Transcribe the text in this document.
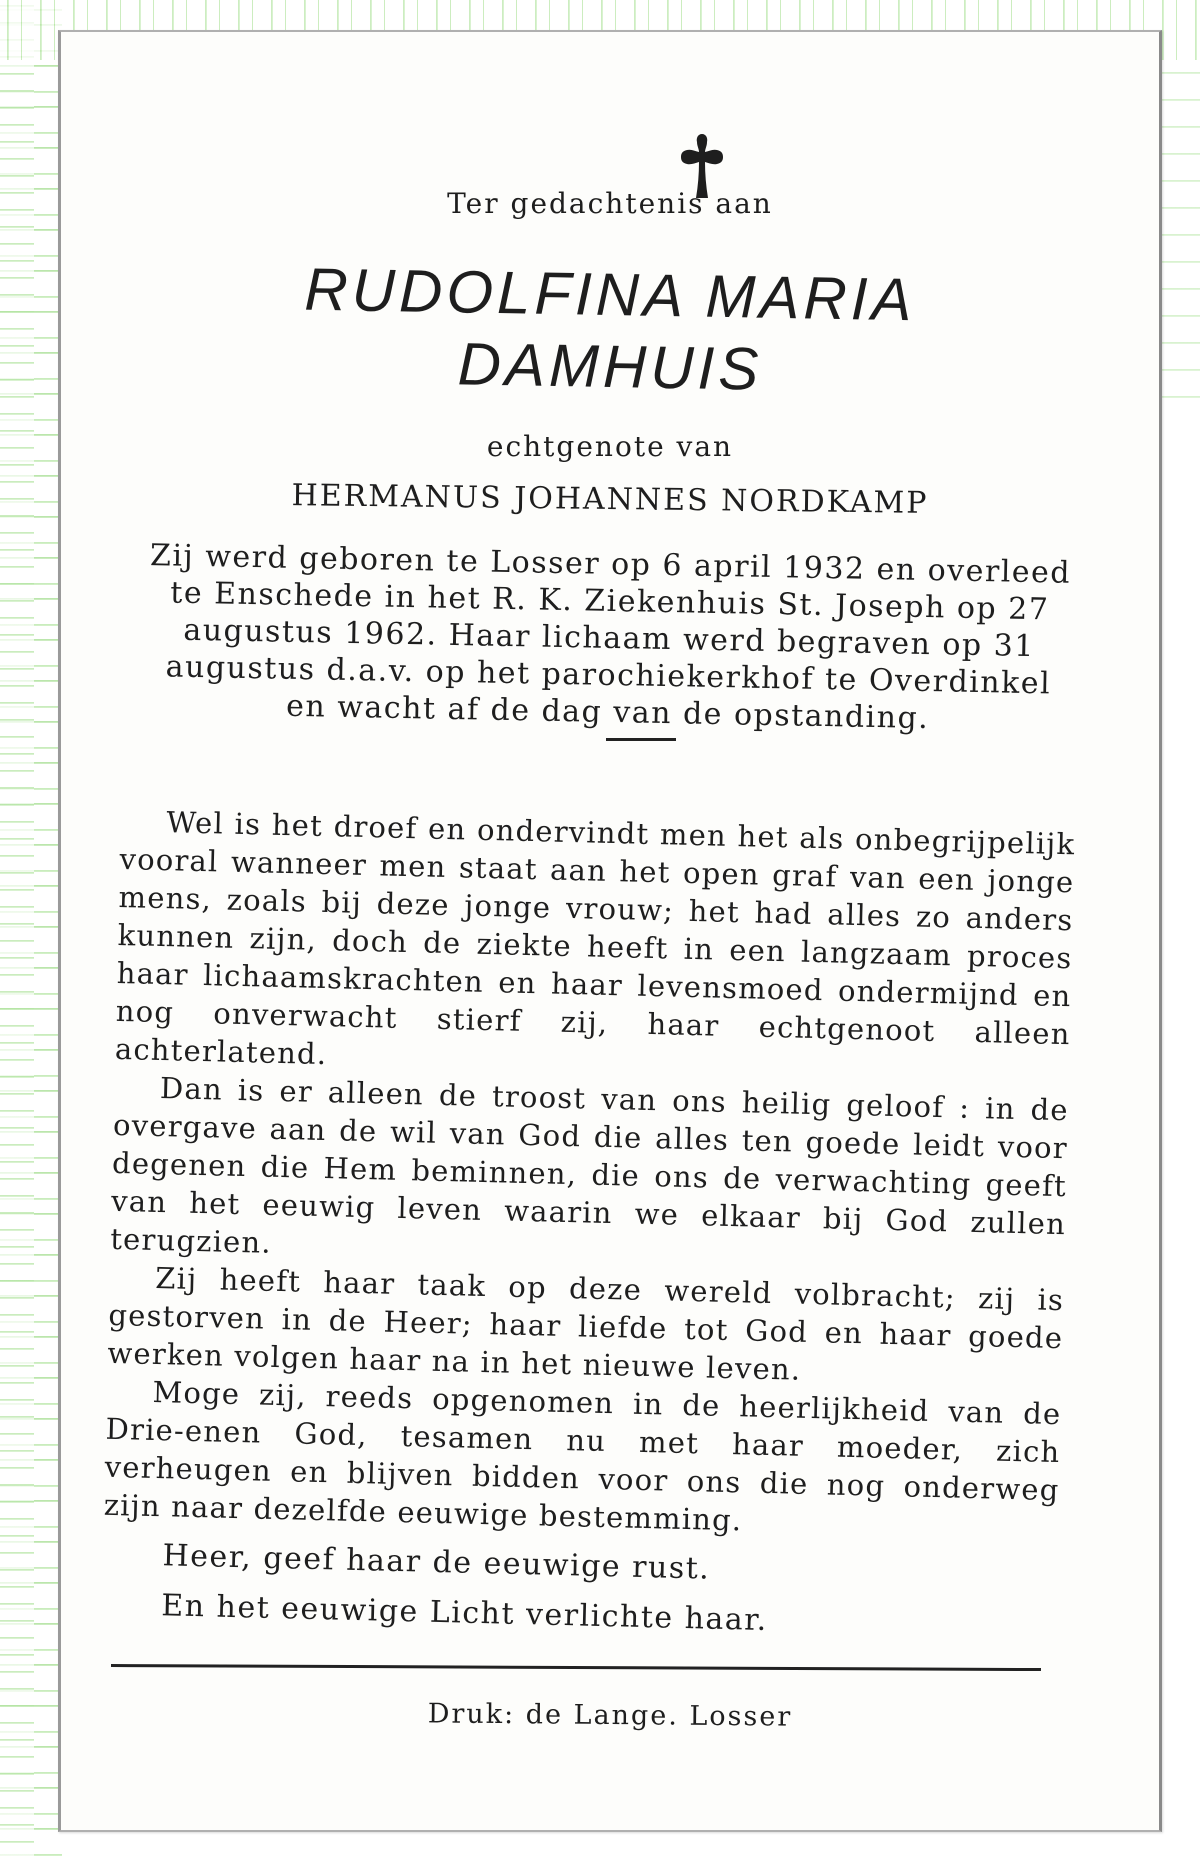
Ter gedachtenis aan

RUDOLFINA MARIA

DAMHUIS

echtgenote van

HERMANUS JOHANNES NORDKAMP

Zij werd geboren te Losser op 6 april 1932 en overleed te Enschede in het R. K. Ziekenhuis St. Joseph op 27 augustus 1962. Haar lichaam werd begraven op 31 augustus d.a.v. op het parochiekerkhof te Overdinkel en wacht af de dag van de opstanding.

Wel is het droef en ondervindt men het als onbegrijpelijk vooral wanneer men staat aan het open graf van een jonge mens, zoals bij deze jonge vrouw; het had alles zo anders kunnen zijn, doch de ziekte heeft in een langzaam proces haar lichaamskrachten en haar levensmoed ondermijnd en nog onverwacht stierf zij, haar echtgenoot alleen achterlatend.

Dan is er alleen de troost van ons heilig geloof : in de overgave aan de wil van God die alles ten goede leidt voor degenen die Hem beminnen, die ons de verwachting geeft van het eeuwig leven waarin we elkaar bij God zullen terugzien.

Zij heeft haar taak op deze wereld volbracht; zij is gestorven in de Heer; haar liefde tot God en haar goede werken volgen haar na in het nieuwe leven.

Moge zij, reeds opgenomen in de heerlijkheid van de Drie-enen God, tesamen nu met haar moeder, zich verheugen en blijven bidden voor ons die nog onderweg zijn naar dezelfde eeuwige bestemming.

Heer, geef haar de eeuwige rust.
En het eeuwige Licht verlichte haar.

Druk: de Lange. Losser
